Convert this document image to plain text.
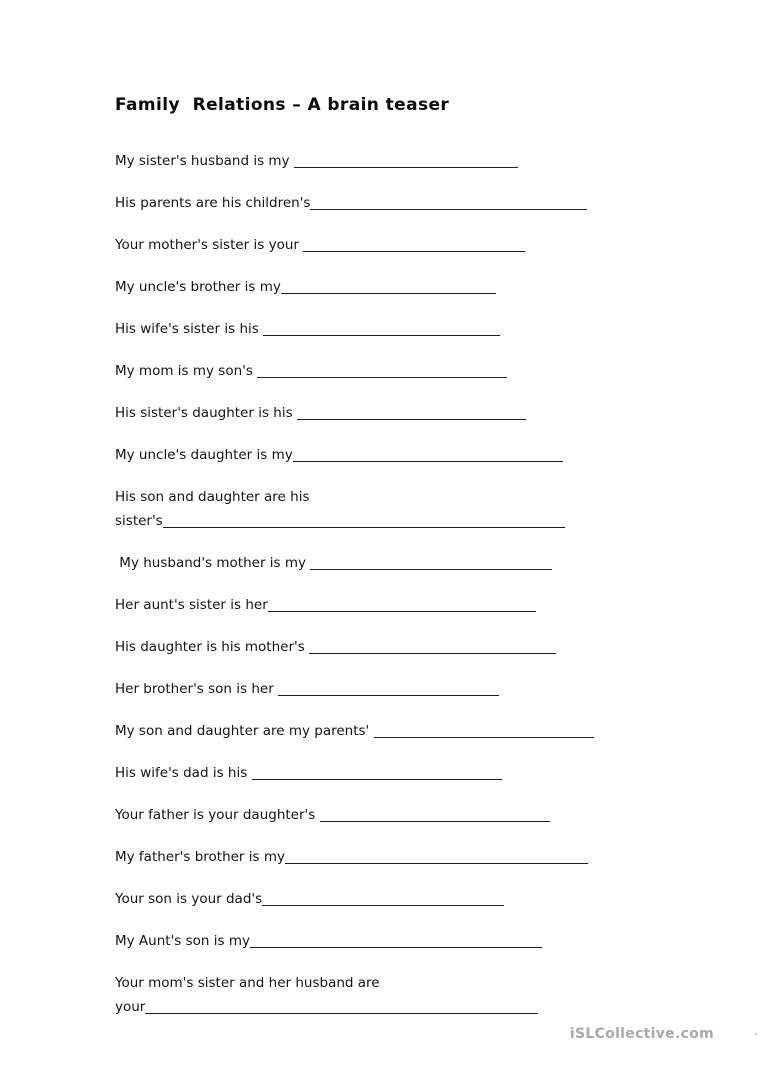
Family  Relations – A brain teaser
My sister's husband is my
His parents are his children's
Your mother's sister is your
My uncle's brother is my
His wife's sister is his
My mom is my son's
His sister's daughter is his
My uncle's daughter is my
His son and daughter are his
sister's
My husband's mother is my
Her aunt's sister is her
His daughter is his mother's
Her brother's son is her
My son and daughter are my parents'
His wife's dad is his
Your father is your daughter's
My father's brother is my
Your son is your dad's
My Aunt's son is my
Your mom's sister and her husband are
your
iSLCollective.com	.
